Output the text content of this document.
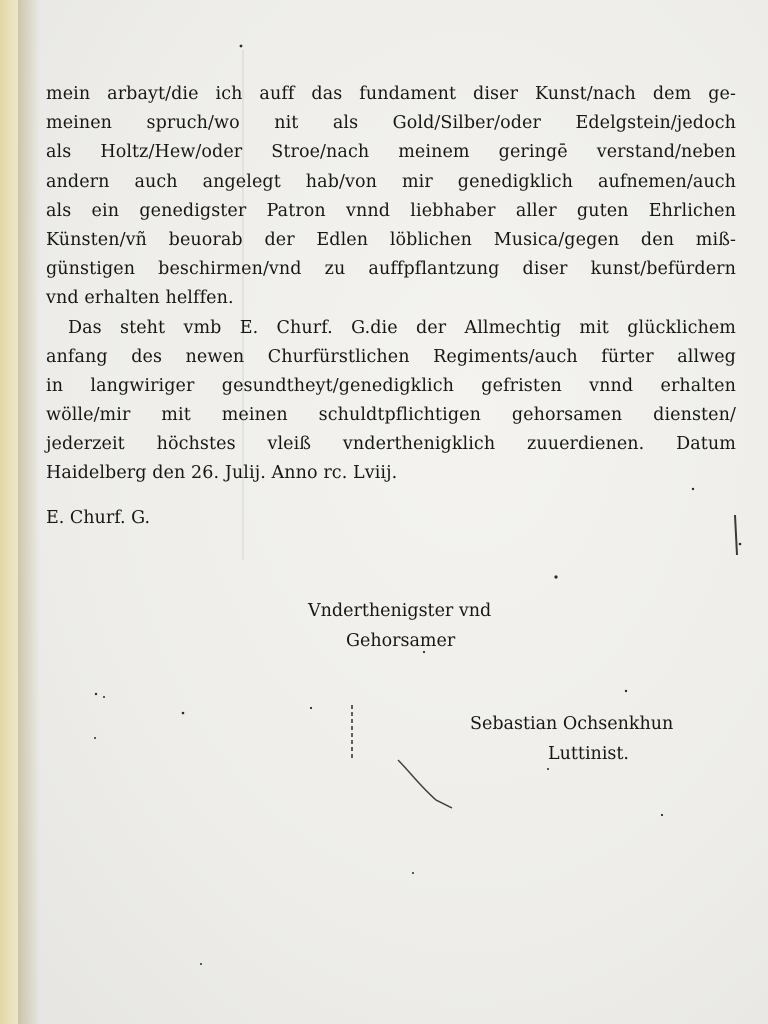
mein arbayt/die ich auff das fundament diser Kunst/nach dem ge-
meinen spruch/wo nit als Gold/Silber/oder Edelgstein/jedoch
als Holtz/Hew/oder Stroe/nach meinem geringē verstand/neben
andern auch angelegt hab/von mir genedigklich aufnemen/auch
als ein genedigster Patron vnnd liebhaber aller guten Ehrlichen
Künsten/vñ beuorab der Edlen löblichen Musica/gegen den miß-
günstigen beschirmen/vnd zu auffpflantzung diser kunst/befürdern
vnd erhalten helffen.
Das steht vmb E. Churf. G.die der Allmechtig mit glücklichem
anfang des newen Churfürstlichen Regiments/auch fürter allweg
in langwiriger gesundtheyt/genedigklich gefristen vnnd erhalten
wölle/mir mit meinen schuldtpflichtigen gehorsamen diensten/
jederzeit höchstes vleiß vnderthenigklich zuuerdienen. Datum
Haidelberg den 26. Julij. Anno rc. Lviij.
E. Churf. G.
Vnderthenigster vnd
Gehorsamer
Sebastian Ochsenkhun
Luttinist.
